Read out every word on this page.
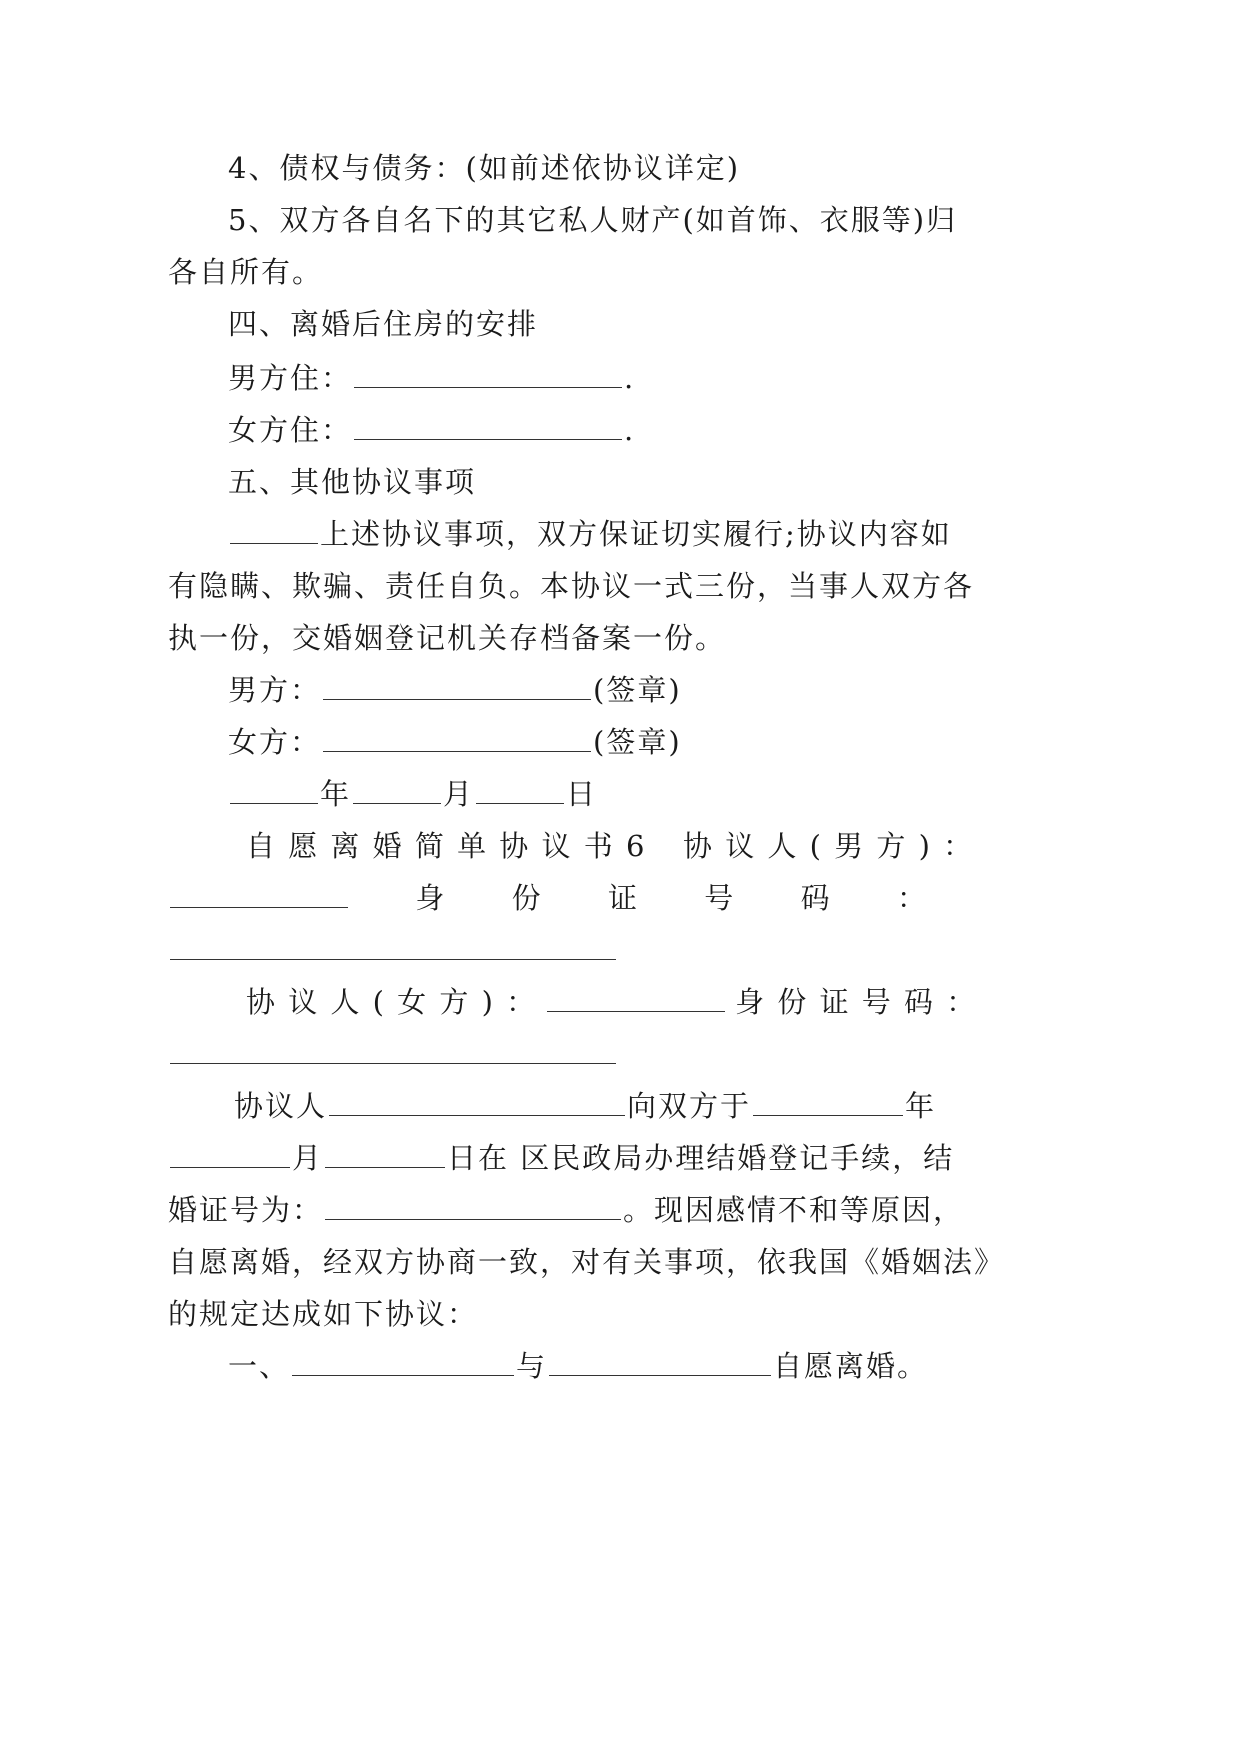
4、债权与债务：(如前述依协议详定)
5、双方各自名下的其它私人财产(如首饰、衣服等)归
各自所有。
四、离婚后住房的安排
男方住：	.
女方住：	.
五、其他协议事项
上述协议事项，双方保证切实履行;协议内容如
有隐瞒、欺骗、责任自负。本协议一式三份，当事人双方各
执一份，交婚姻登记机关存档备案一份。
男方：	(签章)
女方：	(签章)
年	月	日
自 愿 离 婚 简 单 协 议 书 6 协 议 人 ( 男 方 ) ：
身 份 证 号 码 ：
协 议 人 ( 女 方 ) ：	身 份 证 号 码 ：
协议人	向双方于	年
月	日在 区民政局办理结婚登记手续，结
婚证号为：	。现因感情不和等原因，
自愿离婚，经双方协商一致，对有关事项，依我国《婚姻法》
的规定达成如下协议：
一、	与	自愿离婚。
